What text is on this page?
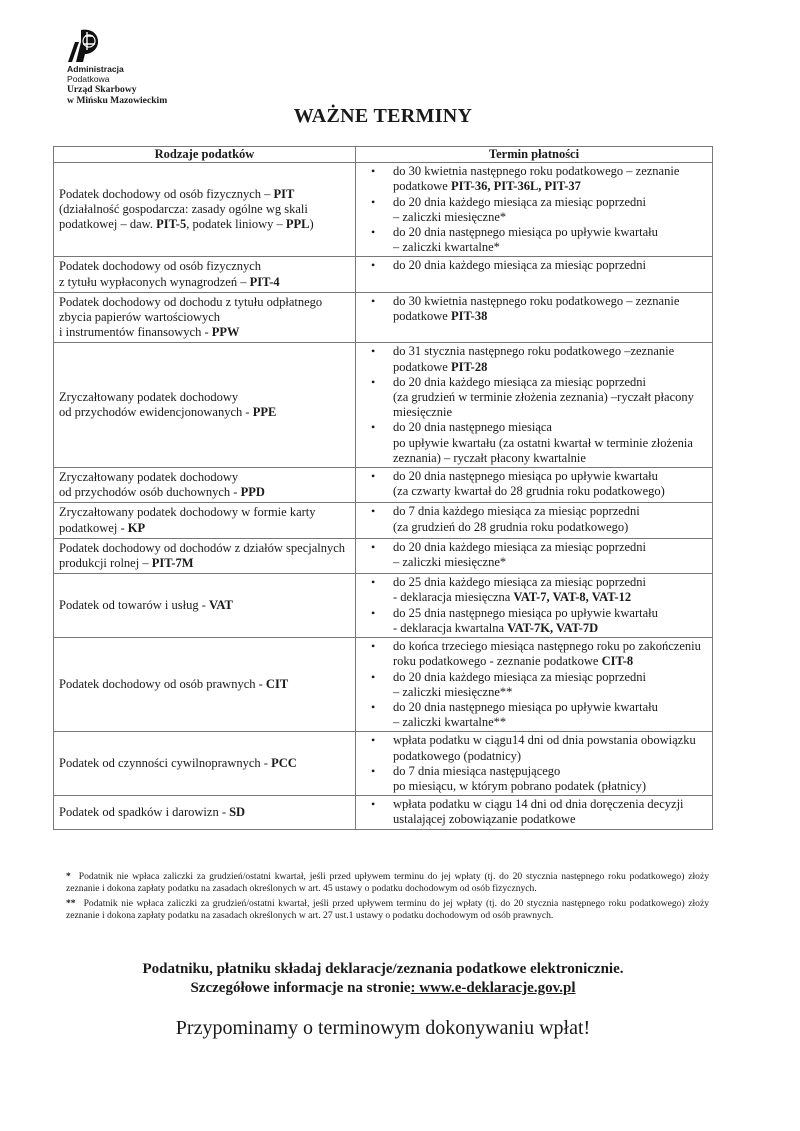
Administracja
Podatkowa
Urząd Skarbowy
w Mińsku Mazowieckim
WAŻNE TERMINY
Rodzaje podatków	Termin płatności
Podatek dochodowy od osób fizycznych – PIT
(działalność gospodarcza: zasady ogólne wg skali podatkowej – daw. PIT-5, podatek liniowy – PPL)	
• do 30 kwietnia następnego roku podatkowego – zeznanie podatkowe PIT-36, PIT-36L, PIT-37
• do 20 dnia każdego miesiąca za miesiąc poprzedni
– zaliczki miesięczne*
• do 20 dnia następnego miesiąca po upływie kwartału
– zaliczki kwartalne*

Podatek dochodowy od osób fizycznych
z tytułu wypłaconych wynagrodzeń – PIT-4	
• do 20 dnia każdego miesiąca za miesiąc poprzedni

Podatek dochodowy od dochodu z tytułu odpłatnego zbycia papierów wartościowych
i instrumentów finansowych - PPW	
• do 30 kwietnia następnego roku podatkowego – zeznanie podatkowe PIT-38

Zryczałtowany podatek dochodowy
od przychodów ewidencjonowanych - PPE	
• do 31 stycznia następnego roku podatkowego –zeznanie podatkowe PIT-28
• do 20 dnia każdego miesiąca za miesiąc poprzedni
(za grudzień w terminie złożenia zeznania) –ryczałt płacony miesięcznie
• do 20 dnia następnego miesiąca
po upływie kwartału (za ostatni kwartał w terminie złożenia zeznania) – ryczałt płacony kwartalnie

Zryczałtowany podatek dochodowy
od przychodów osób duchownych - PPD	
• do 20 dnia następnego miesiąca po upływie kwartału
(za czwarty kwartał do 28 grudnia roku podatkowego)

Zryczałtowany podatek dochodowy w formie karty podatkowej - KP	
• do 7 dnia każdego miesiąca za miesiąc poprzedni
(za grudzień do 28 grudnia roku podatkowego)

Podatek dochodowy od dochodów z działów specjalnych produkcji rolnej – PIT-7M	
• do 20 dnia każdego miesiąca za miesiąc poprzedni
– zaliczki miesięczne*

Podatek od towarów i usług - VAT	
• do 25 dnia każdego miesiąca za miesiąc poprzedni
- deklaracja miesięczna VAT-7, VAT-8, VAT-12
• do 25 dnia następnego miesiąca po upływie kwartału
- deklaracja kwartalna VAT-7K, VAT-7D

Podatek dochodowy od osób prawnych - CIT	
• do końca trzeciego miesiąca następnego roku po zakończeniu roku podatkowego - zeznanie podatkowe CIT-8
• do 20 dnia każdego miesiąca za miesiąc poprzedni
– zaliczki miesięczne**
• do 20 dnia następnego miesiąca po upływie kwartału
– zaliczki kwartalne**

Podatek od czynności cywilnoprawnych - PCC	
• wpłata podatku w ciągu14 dni od dnia powstania obowiązku podatkowego (podatnicy)
• do 7 dnia miesiąca następującego
po miesiącu, w którym pobrano podatek (płatnicy)

Podatek od spadków i darowizn - SD	
• wpłata podatku w ciągu 14 dni od dnia doręczenia decyzji ustalającej zobowiązanie podatkowe

* Podatnik nie wpłaca zaliczki za grudzień/ostatni kwartał, jeśli przed upływem terminu do jej wpłaty (tj. do 20 stycznia następnego roku podatkowego) złoży zeznanie i dokona zapłaty podatku na zasadach określonych w art. 45 ustawy o podatku dochodowym od osób fizycznych.

** Podatnik nie wpłaca zaliczki za grudzień/ostatni kwartał, jeśli przed upływem terminu do jej wpłaty (tj. do 20 stycznia następnego roku podatkowego) złoży zeznanie i dokona zapłaty podatku na zasadach określonych w art. 27 ust.1 ustawy o podatku dochodowym od osób prawnych.

Podatniku, płatniku składaj deklaracje/zeznania podatkowe elektronicznie.
Szczegółowe informacje na stronie: www.e-deklaracje.gov.pl
Przypominamy o terminowym dokonywaniu wpłat!
